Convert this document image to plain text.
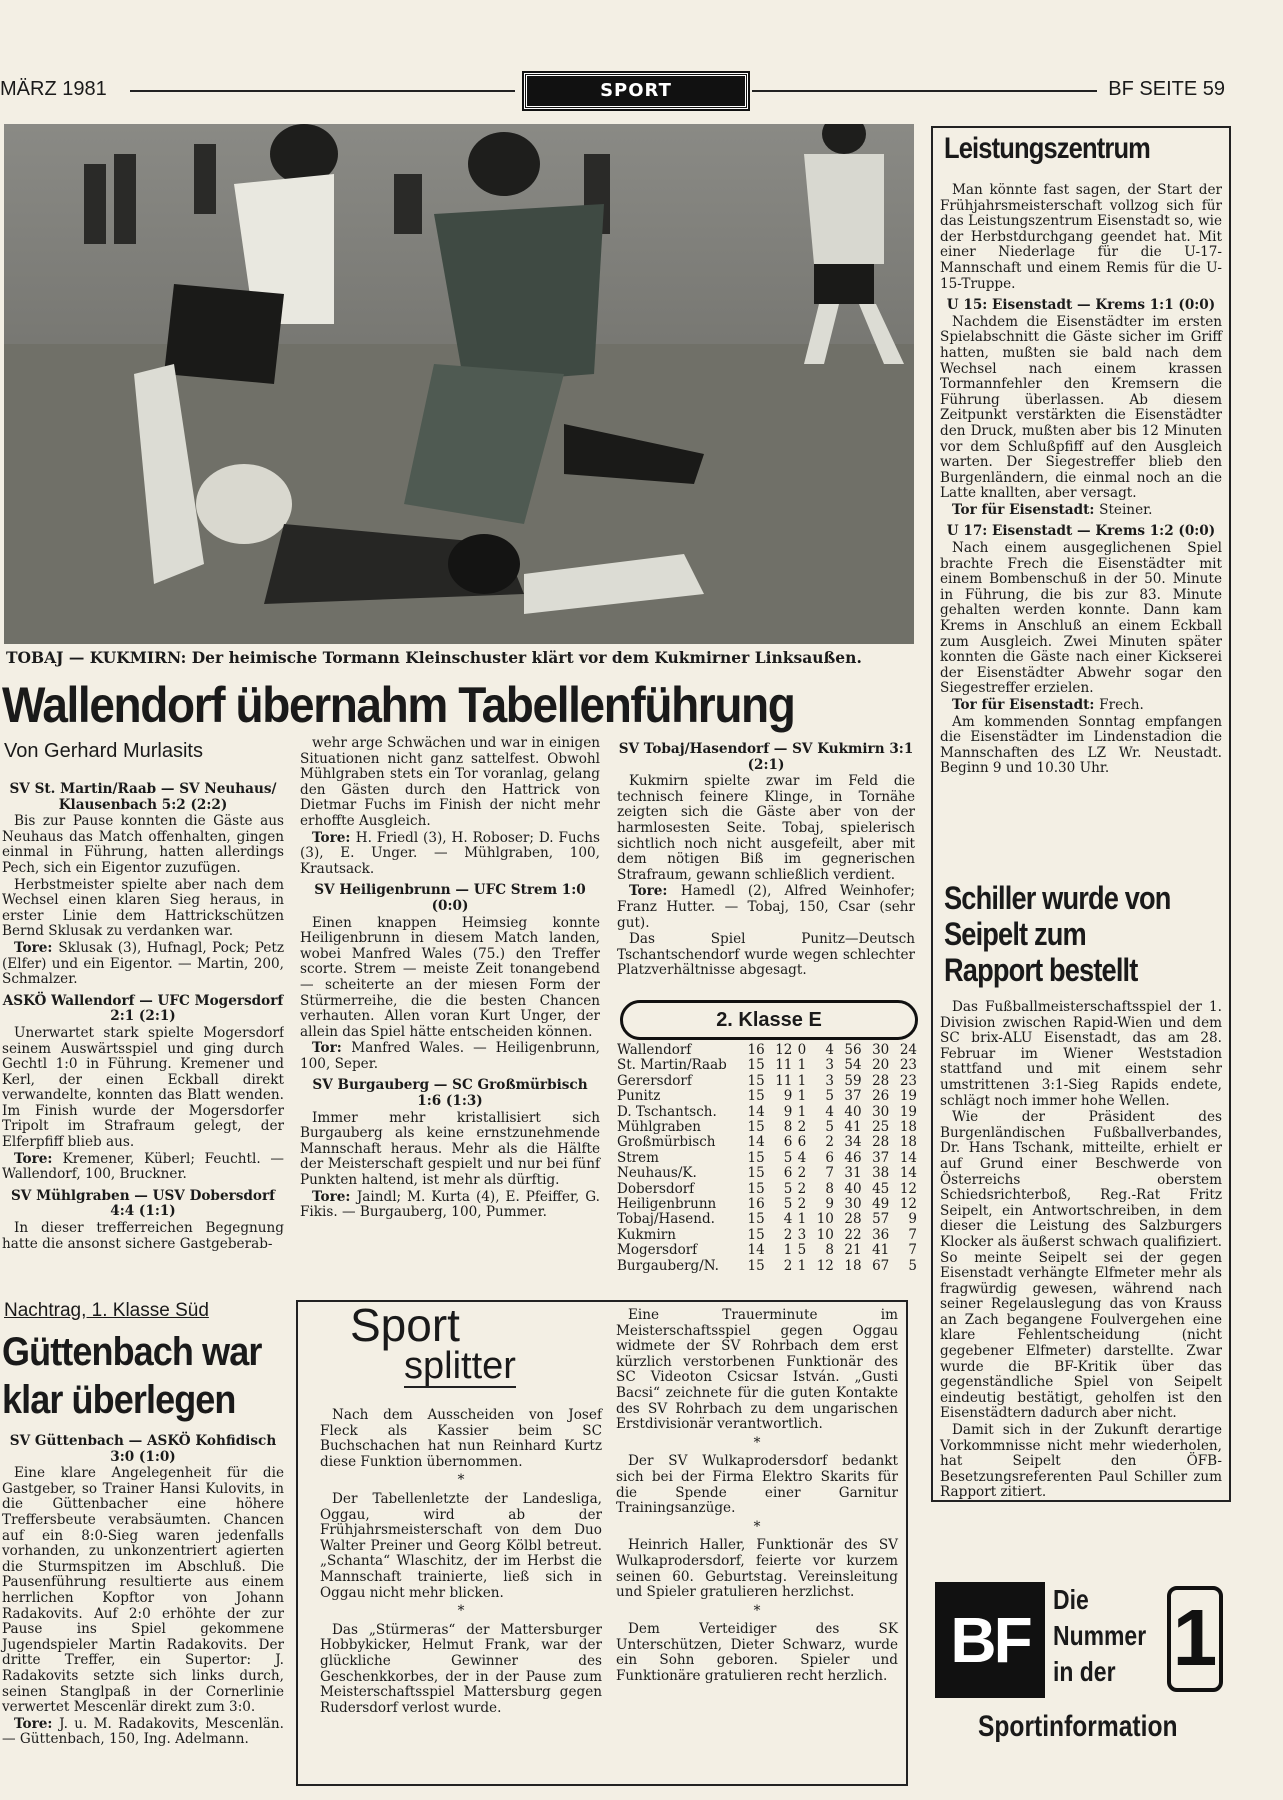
MÄRZ 1981	SPORT	BF SEITE 59
TOBAJ — KUKMIRN: Der heimische Tormann Kleinschuster klärt vor dem Kukmirner Linksaußen.
Wallendorf übernahm Tabellenführung
Von Gerhard Murlasits

SV St. Martin/Raab — SV Neuhaus/ Klausenbach 5:2 (2:2)

Bis zur Pause konnten die Gäste aus Neuhaus das Match offenhalten, gingen einmal in Führung, hatten allerdings Pech, sich ein Eigentor zuzufügen.

Herbstmeister spielte aber nach dem Wechsel einen klaren Sieg heraus, in erster Linie dem Hattrickschützen Bernd Sklusak zu verdanken war.

Tore: Sklusak (3), Hufnagl, Pock; Petz (Elfer) und ein Eigentor. — Martin, 200, Schmalzer.

ASKÖ Wallendorf — UFC Mogersdorf 2:1 (2:1)

Unerwartet stark spielte Mogersdorf seinem Auswärtsspiel und ging durch Gechtl 1:0 in Führung. Kremener und Kerl, der einen Eckball direkt verwandelte, konnten das Blatt wenden. Im Finish wurde der Mogersdorfer Tripolt im Strafraum gelegt, der Elferpfiff blieb aus.

Tore: Kremener, Küberl; Feuchtl. — Wallendorf, 100, Bruckner.

SV Mühlgraben — USV Dobersdorf 4:4 (1:1)

In dieser trefferreichen Begegnung hatte die ansonst sichere Gastgeberab-

wehr arge Schwächen und war in einigen Situationen nicht ganz sattelfest. Obwohl Mühlgraben stets ein Tor voranlag, gelang den Gästen durch den Hattrick von Dietmar Fuchs im Finish der nicht mehr erhoffte Ausgleich.

Tore: H. Friedl (3), H. Roboser; D. Fuchs (3), E. Unger. — Mühlgraben, 100, Krautsack.

SV Heiligenbrunn — UFC Strem 1:0 (0:0)

Einen knappen Heimsieg konnte Heiligenbrunn in diesem Match landen, wobei Manfred Wales (75.) den Treffer scorte. Strem — meiste Zeit tonangebend — scheiterte an der miesen Form der Stürmerreihe, die die besten Chancen verhauten. Allen voran Kurt Unger, der allein das Spiel hätte entscheiden können.

Tor: Manfred Wales. — Heiligenbrunn, 100, Seper.

SV Burgauberg — SC Großmürbisch 1:6 (1:3)

Immer mehr kristallisiert sich Burgauberg als keine ernstzunehmende Mannschaft heraus. Mehr als die Hälfte der Meisterschaft gespielt und nur bei fünf Punkten haltend, ist mehr als dürftig.

Tore: Jaindl; M. Kurta (4), E. Pfeiffer, G. Fikis. — Burgauberg, 100, Pummer.

SV Tobaj/Hasendorf — SV Kukmirn 3:1 (2:1)

Kukmirn spielte zwar im Feld die technisch feinere Klinge, in Tornähe zeigten sich die Gäste aber von der harmlosesten Seite. Tobaj, spielerisch sichtlich noch nicht ausgefeilt, aber mit dem nötigen Biß im gegnerischen Strafraum, gewann schließlich verdient.

Tore: Hamedl (2), Alfred Weinhofer; Franz Hutter. — Tobaj, 150, Csar (sehr gut).

Das Spiel Punitz—Deutsch Tschantschendorf wurde wegen schlechter Platzverhältnisse abgesagt.

2. Klasse E
Wallendorf	16	12	0	4	56	30	24
St. Martin/Raab	15	11	1	3	54	20	23
Gerersdorf	15	11	1	3	59	28	23
Punitz	15	9	1	5	37	26	19
D. Tschantsch.	14	9	1	4	40	30	19
Mühlgraben	15	8	2	5	41	25	18
Großmürbisch	14	6	6	2	34	28	18
Strem	15	5	4	6	46	37	14
Neuhaus/K.	15	6	2	7	31	38	14
Dobersdorf	15	5	2	8	40	45	12
Heiligenbrunn	16	5	2	9	30	49	12
Tobaj/Hasend.	15	4	1	10	28	57	9
Kukmirn	15	2	3	10	22	36	7
Mogersdorf	14	1	5	8	21	41	7
Burgauberg/N.	15	2	1	12	18	67	5
Leistungszentrum

Man könnte fast sagen, der Start der Frühjahrsmeisterschaft vollzog sich für das Leistungszentrum Eisenstadt so, wie der Herbstdurchgang geendet hat. Mit einer Niederlage für die U-17-Mannschaft und einem Remis für die U-15-Truppe.

U 15: Eisenstadt — Krems 1:1 (0:0)

Nachdem die Eisenstädter im ersten Spielabschnitt die Gäste sicher im Griff hatten, mußten sie bald nach dem Wechsel nach einem krassen Tormannfehler den Kremsern die Führung überlassen. Ab diesem Zeitpunkt verstärkten die Eisenstädter den Druck, mußten aber bis 12 Minuten vor dem Schlußpfiff auf den Ausgleich warten. Der Siegestreffer blieb den Burgenländern, die einmal noch an die Latte knallten, aber versagt.

Tor für Eisenstadt: Steiner.

U 17: Eisenstadt — Krems 1:2 (0:0)

Nach einem ausgeglichenen Spiel brachte Frech die Eisenstädter mit einem Bombenschuß in der 50. Minute in Führung, die bis zur 83. Minute gehalten werden konnte. Dann kam Krems in Anschluß an einem Eckball zum Ausgleich. Zwei Minuten später konnten die Gäste nach einer Kickserei der Eisenstädter Abwehr sogar den Siegestreffer erzielen.

Tor für Eisenstadt: Frech.

Am kommenden Sonntag empfangen die Eisenstädter im Lindenstadion die Mannschaften des LZ Wr. Neustadt. Beginn 9 und 10.30 Uhr.

Schiller wurde von Seipelt zum Rapport bestellt

Das Fußballmeisterschaftsspiel der 1. Division zwischen Rapid-Wien und dem SC brix-ALU Eisenstadt, das am 28. Februar im Wiener Weststadion stattfand und mit einem sehr umstrittenen 3:1-Sieg Rapids endete, schlägt noch immer hohe Wellen.

Wie der Präsident des Burgenländischen Fußballverbandes, Dr. Hans Tschank, mitteilte, erhielt er auf Grund einer Beschwerde von Österreichs oberstem Schiedsrichterboß, Reg.-Rat Fritz Seipelt, ein Antwortschreiben, in dem dieser die Leistung des Salzburgers Klocker als äußerst schwach qualifiziert. So meinte Seipelt sei der gegen Eisenstadt verhängte Elfmeter mehr als fragwürdig gewesen, während nach seiner Regelauslegung das von Krauss an Zach begangene Foulvergehen eine klare Fehlentscheidung (nicht gegebener Elfmeter) darstellte. Zwar wurde die BF-Kritik über das gegenständliche Spiel von Seipelt eindeutig bestätigt, geholfen ist den Eisenstädtern dadurch aber nicht.

Damit sich in der Zukunft derartige Vorkommnisse nicht mehr wiederholen, hat Seipelt den ÖFB-Besetzungsreferenten Paul Schiller zum Rapport zitiert.

Nachtrag, 1. Klasse Süd
Güttenbach war klar überlegen

SV Güttenbach — ASKÖ Kohfidisch 3:0 (1:0)

Eine klare Angelegenheit für die Gastgeber, so Trainer Hansi Kulovits, in die Güttenbacher eine höhere Treffersbeute verabsäumten. Chancen auf ein 8:0-Sieg waren jedenfalls vorhanden, zu unkonzentriert agierten die Sturmspitzen im Abschluß. Die Pausenführung resultierte aus einem herrlichen Kopftor von Johann Radakovits. Auf 2:0 erhöhte der zur Pause ins Spiel gekommene Jugendspieler Martin Radakovits. Der dritte Treffer, ein Supertor: J. Radakovits setzte sich links durch, seinen Stanglpaß in der Cornerlinie verwertet Mescenlär direkt zum 3:0.

Tore: J. u. M. Radakovits, Mescenlän. — Güttenbach, 150, Ing. Adelmann.

Sport
splitter

Nach dem Ausscheiden von Josef Fleck als Kassier beim SC Buchschachen hat nun Reinhard Kurtz diese Funktion übernommen.

*

Der Tabellenletzte der Landesliga, Oggau, wird ab der Frühjahrsmeisterschaft von dem Duo Walter Preiner und Georg Kölbl betreut. „Schanta“ Wlaschitz, der im Herbst die Mannschaft trainierte, ließ sich in Oggau nicht mehr blicken.

*

Das „Stürmeras“ der Mattersburger Hobbykicker, Helmut Frank, war der glückliche Gewinner des Geschenkkorbes, der in der Pause zum Meisterschaftsspiel Mattersburg gegen Rudersdorf verlost wurde.

Eine Trauerminute im Meisterschaftsspiel gegen Oggau widmete der SV Rohrbach dem erst kürzlich verstorbenen Funktionär des SC Videoton Csicsar István. „Gusti Bacsi“ zeichnete für die guten Kontakte des SV Rohrbach zu dem ungarischen Erstdivisionär verantwortlich.

*

Der SV Wulkaprodersdorf bedankt sich bei der Firma Elektro Skarits für die Spende einer Garnitur Trainingsanzüge.

*

Heinrich Haller, Funktionär des SV Wulkaprodersdorf, feierte vor kurzem seinen 60. Geburtstag. Vereinsleitung und Spieler gratulieren herzlichst.

*

Dem Verteidiger des SK Unterschützen, Dieter Schwarz, wurde ein Sohn geboren. Spieler und Funktionäre gratulieren recht herzlich.

BF
Die
Nummer
in der 1
Sportinformation
